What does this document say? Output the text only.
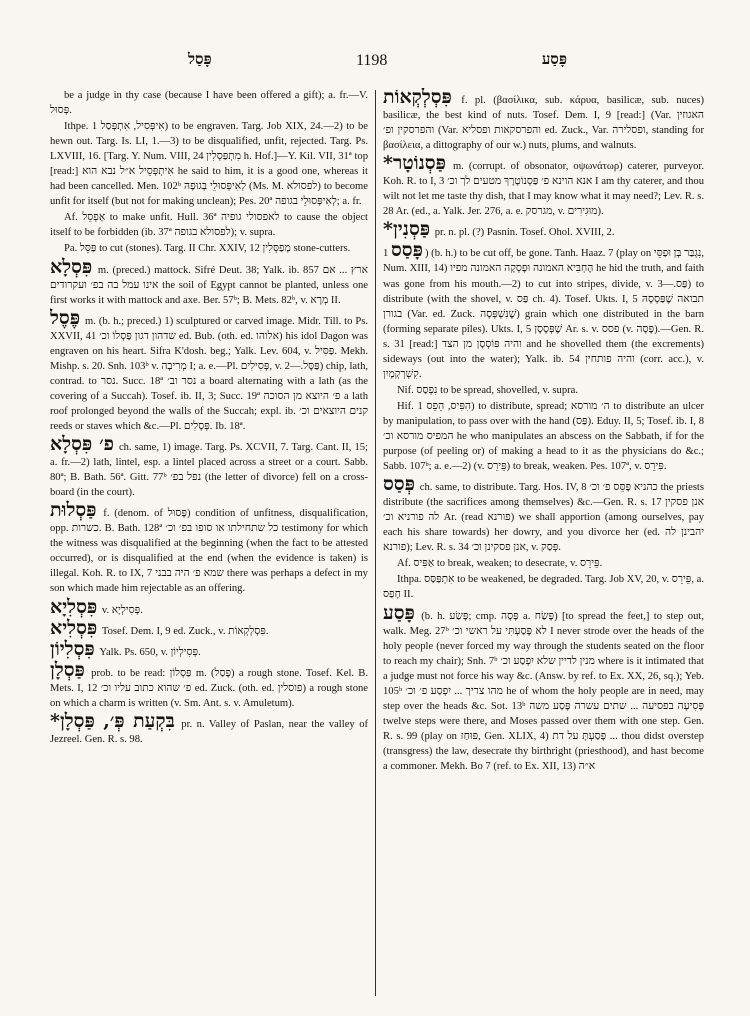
פָּסַל	1198	פָּסַע

be a judge in thy case (because I have been offered a gift); a. fr.—V. פְּסוּל.

Ithpe. אִיפְּסִיל, אִתְפְּסַל 1) to be engraven. Targ. Job XIX, 24.—2) to be hewn out. Targ. Is. LI, 1.—3) to be disqualified, unfit, rejected. Targ. Ps. LXVIII, 16. [Targ. Y. Num. VIII, 24 מִתְפַּסְלִין h. Hof.]—Y. Kil. VII, 31ª top [read:] אִיתְפְּסֵיל א״ל נבא הוא he said to him, it is a good one, whereas it had been cancelled. Men. 102ᵇ לְאִיפְּסוּלֵי בְּגוּפָהּ (Ms. M. לפסולא) to become unfit for itself (but not for making unclean); Pes. 20ª לְאִיפְּסוּלֵי בגופה; a. fr.

Af. אַפְסֵל to make unfit. Hull. 36ª לאפסולי גופיה to cause the object itself to be forbidden (ib. 37ª לפסולא בגופה); v. supra.

Pa. פַּסֵּל to cut (stones). Targ. II Chr. XXIV, 12 מְפַסְּלִין stone-cutters.

פִּסְלָא m. (preced.) mattock. Sifré Deut. 38; Yalk. ib. 857 ארץ ... אם אינו עמל בה בפ׳ ועקרודים the soil of Egypt cannot be planted, unless one first works it with mattock and axe. Ber. 57ᵇ; B. Mets. 82ᵇ, v. מְרָא II.

פֶּסֶל m. (b. h.; preced.) 1) sculptured or carved image. Midr. Till. to Ps. XXVII, 41 שדהון דגון פַּסְלוֹ וכ׳ ed. Bub. (oth. ed. אלוהו) his idol Dagon was engraven on his heart. Sifra K'dosh. beg.; Yalk. Lev. 604, v. פַּסִּיל. Mekh. Mishp. s. 20. Snh. 103ᵇ v. מְרִיבָה I; a. e.—Pl. פְּסִילִים, v. פַּסָּל.—2) chip, lath, contrad. to נסר. Succ. 18ª נסר וב׳ a board alternating with a lath (as the covering of a Succah). Tosef. ib. II, 3; Succ. 19ª פ׳ היוצא מן הסוכה a lath roof prolonged beyond the walls of the Succah; expl. ib. קנים היוצאים וכ׳ reeds or staves which &c.—Pl. פְּסָלִים. Ib. 18ª.

פ׳ פִּסְלָא ch. same, 1) image. Targ. Ps. XCVII, 7. Targ. Cant. II, 15; a. fr.—2) lath, lintel, esp. a lintel placed across a street or a court. Sabb. 80ª; B. Bath. 56ª. Gitt. 77ᵇ נפל בפ׳ (the letter of divorce) fell on a cross-board (in the court).

פַּסְלוּת f. (denom. of פָּסוּל) condition of unfitness, disqualification, opp. כשרות. B. Bath. 128ª כל שתחילתו או סופו בפ׳ וכ׳ testimony for which the witness was disqualified at the beginning (when the fact to be attested occurred), or is disqualified at the end (when the evidence is taken) is illegal. Koh. R. to IX, 7 שמא פ׳ היה בבני there was perhaps a defect in my son which made him rejectable as an offering.

פִּסְלִיָא v. פְּסִילְיָא.

פִּסְלִיא Tosef. Dem. I, 9 ed. Zuck., v. פִּסְלְקְאוֹת.

פִּסְלִיוֹן Yalk. Ps. 650, v. פְּסִילְיוֹן.

פַּסְלָן prob. to be read: פַּסְלוֹן m. (פָּסַל) a rough stone. Tosef. Kel. B. Mets. I, 12 פ׳ שהוא כתוב עליו וכ׳ ed. Zuck. (oth. ed. פוסלין) a rough stone on which a charm is written (v. Sm. Ant. s. v. Amuletum).

*בִּקְעַת פְּ׳, פַּסְלָן pr. n. Valley of Paslan, near the valley of Jezreel. Gen. R. s. 98.

פִּסְלְקְאוֹת f. pl. (βασίλικα, sub. κάρυα, basilicæ, sub. nuces) basilicæ, the best kind of nuts. Tosef. Dem. I, 9 [read:] (Var. האגוזין והפרסקין ופ׳ (Var. והפרסקאות ופסליא ed. Zuck., Var. ופסלירה, standing for βασίλεια, a dittography of our w.) nuts, plums, and walnuts.

*פַּסְנוֹטָר m. (corrupt. of obsonator, οψωνάτωρ) caterer, purveyor. Koh. R. to I, 3 אנא הוינא פ׳ פַּסְנוֹטָרָךְ מטעים לך וכ׳ I am thy caterer, and thou wilt not let me taste thy dish, that I may know what it may need?; Lev. R. s. 28 Ar. (ed., a. Yalk. Jer. 276, a. e. מגרסק, v. מוּגִירִים).

*פַּסְנִין pr. n. pl. (?) Pasnin. Tosef. Ohol. XVIII, 2.

פָּסַס 1) (b. h.) to be cut off, be gone. Tanh. Haaz. 7 (play on נִגְבַּר בְּן וּפַסֵּי, Num. XIII, 14) הֶחְבִּיא האמונה וּפָסְקָה האמונה מפיו he hid the truth, and faith was gone from his mouth.—2) to cut into stripes, divide, v. פַּס.—3) to distribute (with the shovel, v. פַּס ch. 4). Tosef. Ukts. I, 5 תבואה שֶׁפַּסְסָהּ בגורן (Var. ed. Zuck. שֶׁנִּשְׁפְּסָה) grain which one distributed in the barn (forming separate piles). Ukts. I, 5 שֶׁפְּסָסָן Ar. s. v. פסס (v. פָּסָה).—Gen. R. s. 31 [read:] והיה פּוֹסְסָן מן הצד and he shovelled them (the excrements) sideways (out into the water); Yalk. ib. 54 והיה פותחין (corr. acc.), v. קִשְׁרְקְמָיִן.

Nif. נִפְסַס to be spread, shovelled, v. supra.

Hif. הִפִּיס, הֵפֵס 1) to distribute, spread; ה׳ מורסא to distribute an ulcer by manipulation, to pass over with the hand (פַּס). Eduy. II, 5; Tosef. ib. I, 8 המפיס מורסא וכ׳ he who manipulates an abscess on the Sabbath, if for the purpose (of peeling or) of making a head to it as the physicians do &c.; Sabb. 107ᵇ; a. e.—2) (v. פֵּירֵס) to break, weaken. Pes. 107ª, v. פִּירֵס.

פְּסַס ch. same, to distribute. Targ. Hos. IV, 8 כהניא פָּסֵּס פ׳ וכ׳ the priests distribute (the sacrifices among themselves) &c.—Gen. R. s. 17 אנן פסקין לה פורניא וכ׳ Ar. (read פורנא) we shall apportion (among ourselves, pay each his share towards) her dowry, and you divorce her (ed. יהבינן לה פורנא); Lev. R. s. 34 אנן פסקינן וכ׳, v. פְּסַק.

Af. אַפִּיס to break, weaken; to desecrate, v. פֵּירֵס.

Ithpa. אִתְפַּסַּס to be weakened, be degraded. Targ. Job XV, 20, v. פֵּירֵס, a. חָפַס II.

פָּסַע (b. h. פָּשַׂע; cmp. פָּסָה a. פָּשַׂח) [to spread the feet,] to step out, walk. Meg. 27ᵇ לא פָּסַעְתִּי על ראשי וכ׳ I never strode over the heads of the holy people (never forced my way through the students seated on the floor to reach my chair); Snh. 7ᵇ מנין לדיין שלא יִפְסַע וכ׳ where is it intimated that a judge must not force his way &c. (Answ. by ref. to Ex. XX, 26, sq.); Yeb. 105ᵇ מהו צריך ... יִפְסַע פ׳ וכ׳ he of whom the holy people are in need, may step over the heads &c. Sot. 13ᵇ פְּסִיעָה בפסיעה ... שתים עשרה פָּסַע משה twelve steps were there, and Moses passed over them with one step. Gen. R. s. 99 (play on פּוּחַז, Gen. XLIX, 4) פָּסַעְתָּ על דת ... thou didst overstep (transgress) the law, desecrate thy birthright (priesthood), and hast become a commoner. Mekh. Bo 7 (ref. to Ex. XII, 13) א״ה
